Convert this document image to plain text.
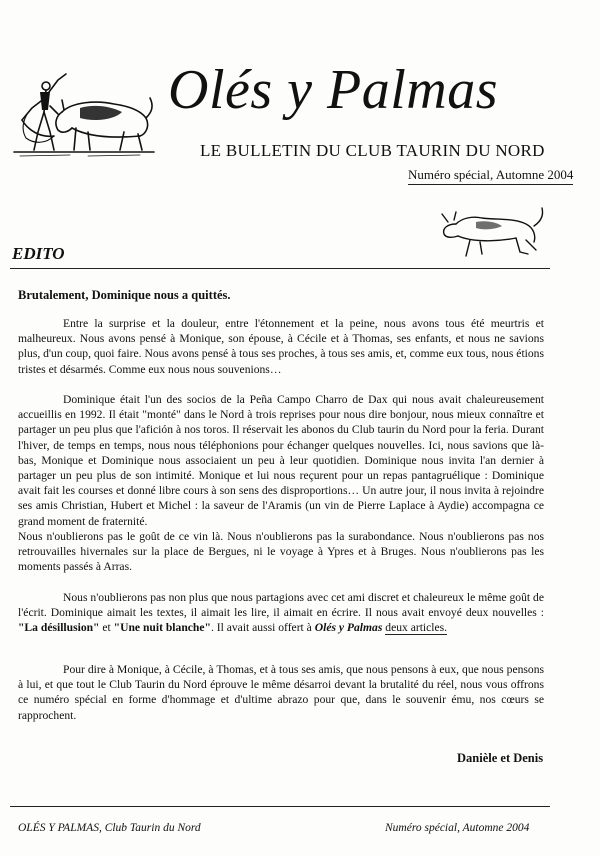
Olés y Palmas
LE BULLETIN DU CLUB TAURIN DU NORD
Numéro spécial, Automne 2004
EDITO
Brutalement, Dominique nous a quittés.

Entre la surprise et la douleur, entre l'étonnement et la peine, nous avons tous été meurtris et malheureux. Nous avons pensé à Monique, son épouse, à Cécile et à Thomas, ses enfants, et nous ne savions plus, d'un coup, quoi faire. Nous avons pensé à tous ses proches, à tous ses amis, et, comme eux tous, nous étions tristes et désarmés. Comme eux nous nous souvenions…

Dominique était l'un des socios de la Peña Campo Charro de Dax qui nous avait chaleureusement accueillis en 1992. Il était "monté" dans le Nord à trois reprises pour nous dire bonjour, nous mieux connaître et partager un peu plus que l'afición à nos toros. Il réservait les abonos du Club taurin du Nord pour la feria. Durant l'hiver, de temps en temps, nous nous téléphonions pour échanger quelques nouvelles. Ici, nous savions que là-bas, Monique et Dominique nous associaient un peu à leur quotidien. Dominique nous invita l'an dernier à partager un peu plus de son intimité. Monique et lui nous reçurent pour un repas pantagruélique : Dominique avait fait les courses et donné libre cours à son sens des disproportions… Un autre jour, il nous invita à rejoindre ses amis Christian, Hubert et Michel : la saveur de l'Aramis (un vin de Pierre Laplace à Aydie) accompagna ce grand moment de fraternité.

Nous n'oublierons pas le goût de ce vin là. Nous n'oublierons pas la surabondance. Nous n'oublierons pas nos retrouvailles hivernales sur la place de Bergues, ni le voyage à Ypres et à Bruges. Nous n'oublierons pas les moments passés à Arras.

Nous n'oublierons pas non plus que nous partagions avec cet ami discret et chaleureux le même goût de l'écrit. Dominique aimait les textes, il aimait les lire, il aimait en écrire. Il nous avait envoyé deux nouvelles : "La désillusion" et "Une nuit blanche". Il avait aussi offert à Olés y Palmas deux articles.

Pour dire à Monique, à Cécile, à Thomas, et à tous ses amis, que nous pensons à eux, que nous pensons à lui, et que tout le Club Taurin du Nord éprouve le même désarroi devant la brutalité du réel, nous vous offrons ce numéro spécial en forme d'hommage et d'ultime abrazo pour que, dans le souvenir ému, nos cœurs se rapprochent.

Danièle et Denis
OLÉS Y PALMAS, Club Taurin du Nord	Numéro spécial, Automne 2004
